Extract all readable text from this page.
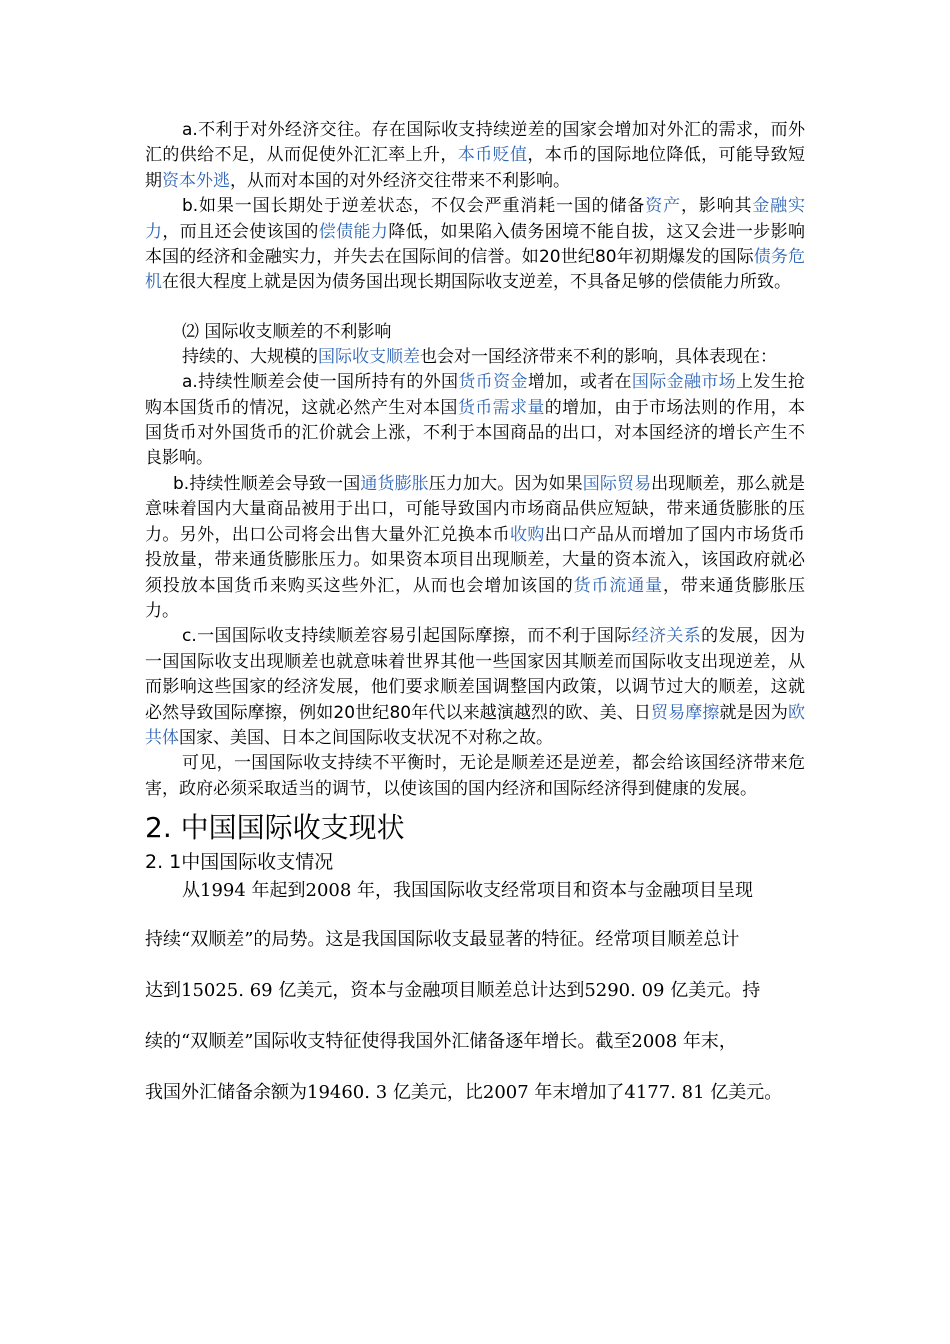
a.不利于对外经济交往。存在国际收支持续逆差的国家会增加对外汇的需求，而外汇的供给不足，从而促使外汇汇率上升，本币贬值，本币的国际地位降低，可能导致短期资本外逃，从而对本国的对外经济交往带来不利影响。

b.如果一国长期处于逆差状态，不仅会严重消耗一国的储备资产，影响其金融实力，而且还会使该国的偿债能力降低，如果陷入债务困境不能自拔，这又会进一步影响本国的经济和金融实力，并失去在国际间的信誉。如20世纪80年初期爆发的国际债务危机在很大程度上就是因为债务国出现长期国际收支逆差，不具备足够的偿债能力所致。

⑵ 国际收支顺差的不利影响

持续的、大规模的国际收支顺差也会对一国经济带来不利的影响，具体表现在：

a.持续性顺差会使一国所持有的外国货币资金增加，或者在国际金融市场上发生抢购本国货币的情况，这就必然产生对本国货币需求量的增加，由于市场法则的作用，本国货币对外国货币的汇价就会上涨，不利于本国商品的出口，对本国经济的增长产生不良影响。

b.持续性顺差会导致一国通货膨胀压力加大。因为如果国际贸易出现顺差，那么就是意味着国内大量商品被用于出口，可能导致国内市场商品供应短缺，带来通货膨胀的压力。另外，出口公司将会出售大量外汇兑换本币收购出口产品从而增加了国内市场货币投放量，带来通货膨胀压力。如果资本项目出现顺差，大量的资本流入，该国政府就必须投放本国货币来购买这些外汇，从而也会增加该国的货币流通量，带来通货膨胀压力。

c.一国国际收支持续顺差容易引起国际摩擦，而不利于国际经济关系的发展，因为一国国际收支出现顺差也就意味着世界其他一些国家因其顺差而国际收支出现逆差，从而影响这些国家的经济发展，他们要求顺差国调整国内政策，以调节过大的顺差，这就必然导致国际摩擦，例如20世纪80年代以来越演越烈的欧、美、日贸易摩擦就是因为欧共体国家、美国、日本之间国际收支状况不对称之故。

可见，一国国际收支持续不平衡时，无论是顺差还是逆差，都会给该国经济带来危害，政府必须采取适当的调节，以使该国的国内经济和国际经济得到健康的发展。

2. 中国国际收支现状
2. 1中国国际收支情况

从1994 年起到2008 年，我国国际收支经常项目和资本与金融项目呈现

持续“双顺差”的局势。这是我国国际收支最显著的特征。经常项目顺差总计

达到15025. 69 亿美元，资本与金融项目顺差总计达到5290. 09 亿美元。持

续的“双顺差”国际收支特征使得我国外汇储备逐年增长。截至2008 年末，

我国外汇储备余额为19460. 3 亿美元，比2007 年末增加了4177. 81 亿美元。
